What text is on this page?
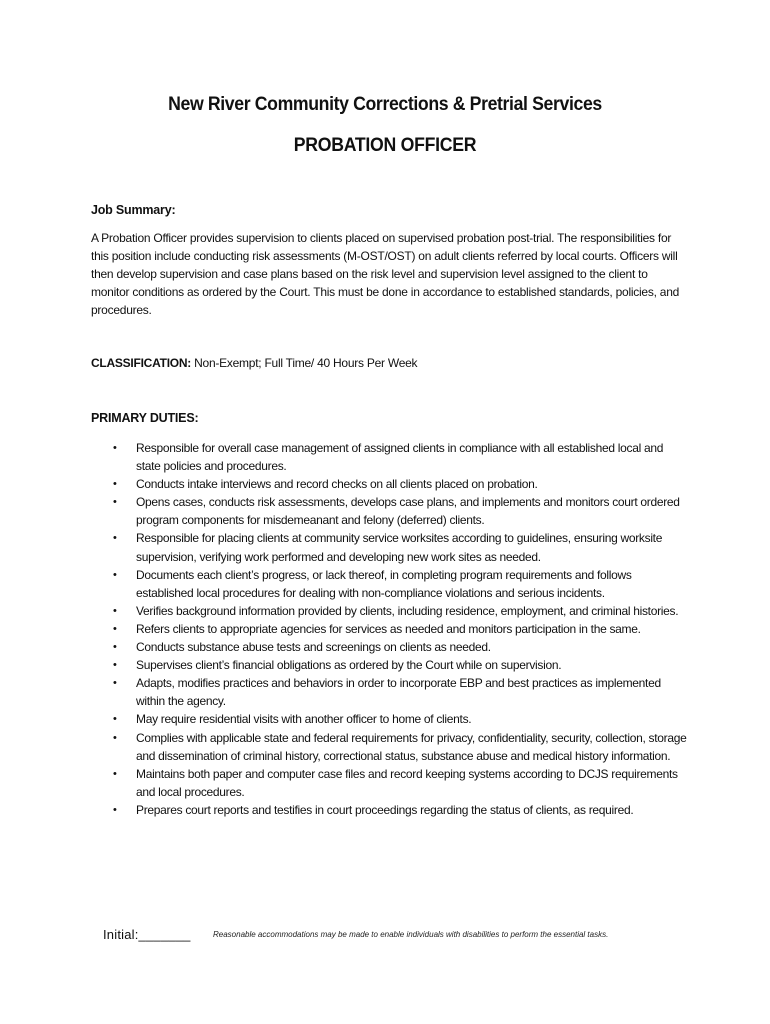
New River Community Corrections & Pretrial Services
PROBATION OFFICER
Job Summary:
A Probation Officer provides supervision to clients placed on supervised probation post-trial. The responsibilities for this position include conducting risk assessments (M-OST/OST) on adult clients referred by local courts. Officers will then develop supervision and case plans based on the risk level and supervision level assigned to the client to monitor conditions as ordered by the Court. This must be done in accordance to established standards, policies, and procedures.
CLASSIFICATION: Non-Exempt; Full Time/ 40 Hours Per Week
PRIMARY DUTIES:
• Responsible for overall case management of assigned clients in compliance with all established local and state policies and procedures.
• Conducts intake interviews and record checks on all clients placed on probation.
• Opens cases, conducts risk assessments, develops case plans, and implements and monitors court ordered program components for misdemeanant and felony (deferred) clients.
• Responsible for placing clients at community service worksites according to guidelines, ensuring worksite supervision, verifying work performed and developing new work sites as needed.
• Documents each client’s progress, or lack thereof, in completing program requirements and follows established local procedures for dealing with non-compliance violations and serious incidents.
• Verifies background information provided by clients, including residence, employment, and criminal histories.
• Refers clients to appropriate agencies for services as needed and monitors participation in the same.
• Conducts substance abuse tests and screenings on clients as needed.
• Supervises client’s financial obligations as ordered by the Court while on supervision.
• Adapts, modifies practices and behaviors in order to incorporate EBP and best practices as implemented within the agency.
• May require residential visits with another officer to home of clients.
• Complies with applicable state and federal requirements for privacy, confidentiality, security, collection, storage and dissemination of criminal history, correctional status, substance abuse and medical history information.
• Maintains both paper and computer case files and record keeping systems according to DCJS requirements and local procedures.
• Prepares court reports and testifies in court proceedings regarding the status of clients, as required.
Initial:_______	Reasonable accommodations may be made to enable individuals with disabilities to perform the essential tasks.
